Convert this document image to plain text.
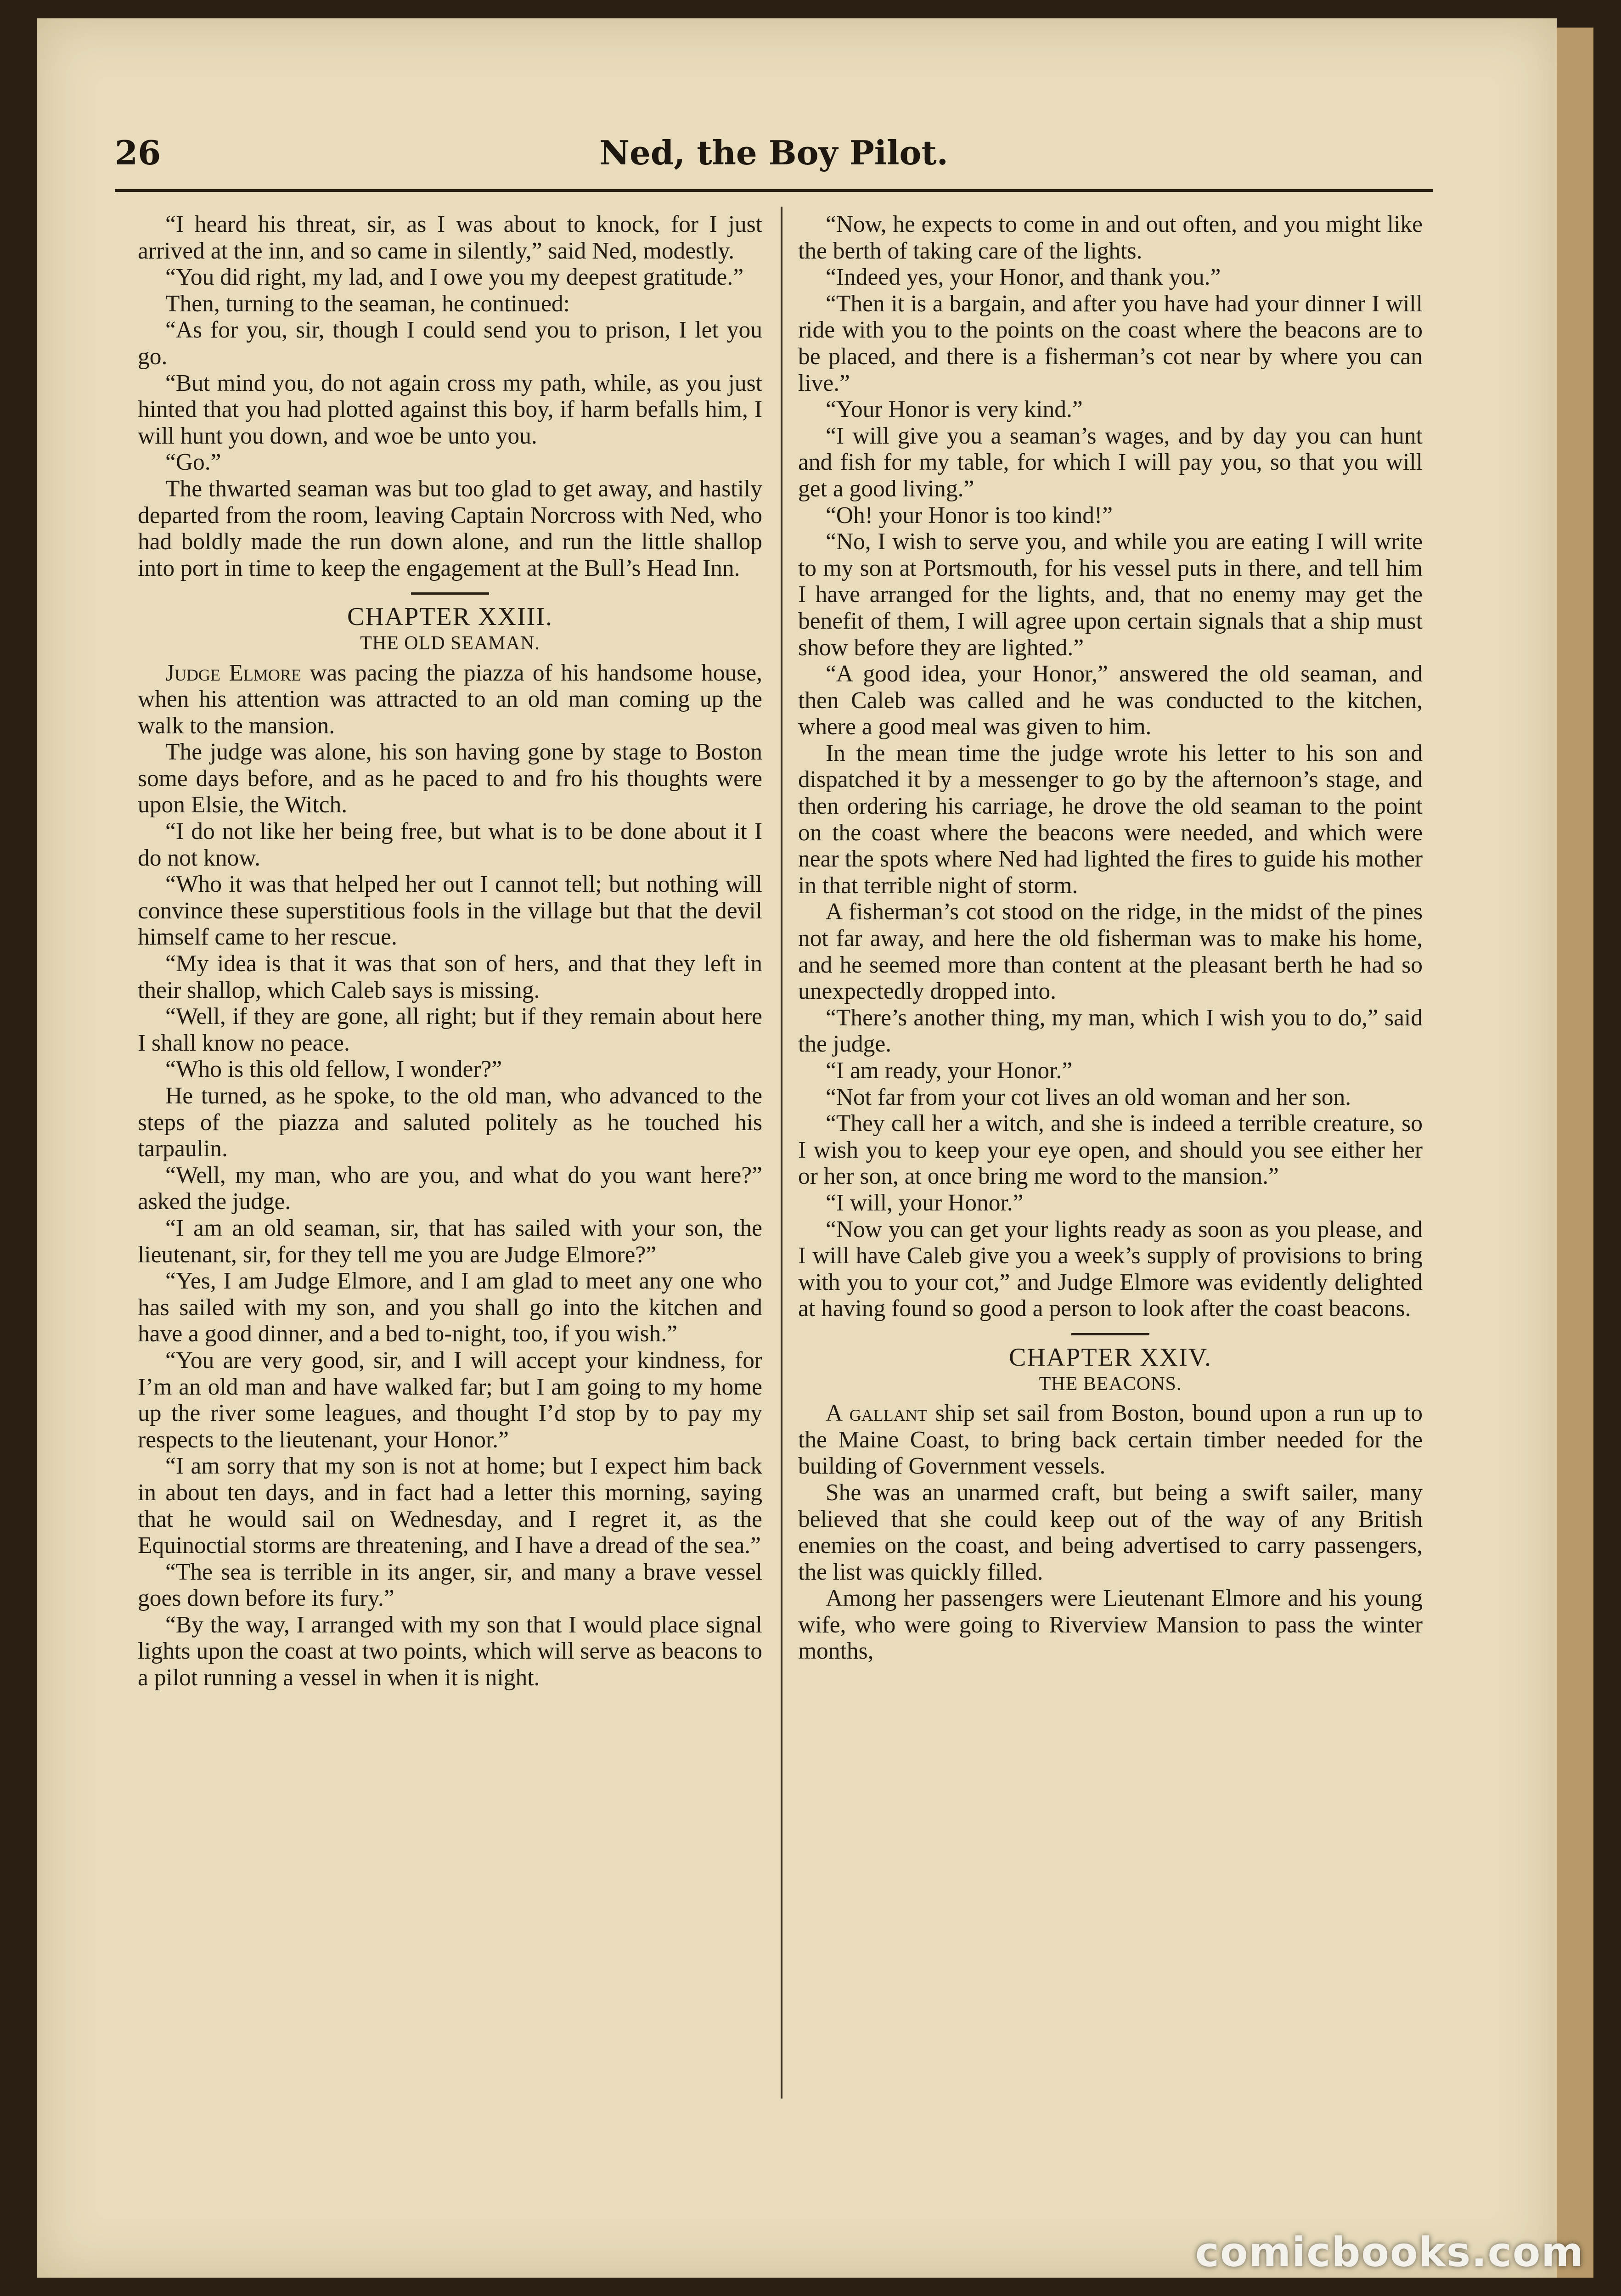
26	Ned, the Boy Pilot.

“I heard his threat, sir, as I was about to knock, for I just arrived at the inn, and so came in silently,” said Ned, modestly.

“You did right, my lad, and I owe you my deepest gratitude.”

Then, turning to the seaman, he continued:

“As for you, sir, though I could send you to prison, I let you go.

“But mind you, do not again cross my path, while, as you just hinted that you had plotted against this boy, if harm befalls him, I will hunt you down, and woe be unto you.

“Go.”

The thwarted seaman was but too glad to get away, and hastily departed from the room, leaving Captain Norcross with Ned, who had boldly made the run down alone, and run the little shallop into port in time to keep the engagement at the Bull’s Head Inn.

CHAPTER XXIII.
THE OLD SEAMAN.

Judge Elmore was pacing the piazza of his handsome house, when his attention was attracted to an old man coming up the walk to the mansion.

The judge was alone, his son having gone by stage to Boston some days before, and as he paced to and fro his thoughts were upon Elsie, the Witch.

“I do not like her being free, but what is to be done about it I do not know.

“Who it was that helped her out I cannot tell; but nothing will convince these superstitious fools in the village but that the devil himself came to her rescue.

“My idea is that it was that son of hers, and that they left in their shallop, which Caleb says is missing.

“Well, if they are gone, all right; but if they remain about here I shall know no peace.

“Who is this old fellow, I wonder?”

He turned, as he spoke, to the old man, who advanced to the steps of the piazza and saluted politely as he touched his tarpaulin.

“Well, my man, who are you, and what do you want here?” asked the judge.

“I am an old seaman, sir, that has sailed with your son, the lieutenant, sir, for they tell me you are Judge Elmore?”

“Yes, I am Judge Elmore, and I am glad to meet any one who has sailed with my son, and you shall go into the kitchen and have a good dinner, and a bed to-night, too, if you wish.”

“You are very good, sir, and I will accept your kindness, for I’m an old man and have walked far; but I am going to my home up the river some leagues, and thought I’d stop by to pay my respects to the lieutenant, your Honor.”

“I am sorry that my son is not at home; but I expect him back in about ten days, and in fact had a letter this morning, saying that he would sail on Wednesday, and I regret it, as the Equinoctial storms are threatening, and I have a dread of the sea.”

“The sea is terrible in its anger, sir, and many a brave vessel goes down before its fury.”

“By the way, I arranged with my son that I would place signal lights upon the coast at two points, which will serve as beacons to a pilot running a vessel in when it is night.

“Now, he expects to come in and out often, and you might like the berth of taking care of the lights.

“Indeed yes, your Honor, and thank you.”

“Then it is a bargain, and after you have had your dinner I will ride with you to the points on the coast where the beacons are to be placed, and there is a fisherman’s cot near by where you can live.”

“Your Honor is very kind.”

“I will give you a seaman’s wages, and by day you can hunt and fish for my table, for which I will pay you, so that you will get a good living.”

“Oh! your Honor is too kind!”

“No, I wish to serve you, and while you are eating I will write to my son at Portsmouth, for his vessel puts in there, and tell him I have arranged for the lights, and, that no enemy may get the benefit of them, I will agree upon certain signals that a ship must show before they are lighted.”

“A good idea, your Honor,” answered the old seaman, and then Caleb was called and he was conducted to the kitchen, where a good meal was given to him.

In the mean time the judge wrote his letter to his son and dispatched it by a messenger to go by the afternoon’s stage, and then ordering his carriage, he drove the old seaman to the point on the coast where the beacons were needed, and which were near the spots where Ned had lighted the fires to guide his mother in that terrible night of storm.

A fisherman’s cot stood on the ridge, in the midst of the pines not far away, and here the old fisherman was to make his home, and he seemed more than content at the pleasant berth he had so unexpectedly dropped into.

“There’s another thing, my man, which I wish you to do,” said the judge.

“I am ready, your Honor.”

“Not far from your cot lives an old woman and her son.

“They call her a witch, and she is indeed a terrible creature, so I wish you to keep your eye open, and should you see either her or her son, at once bring me word to the mansion.”

“I will, your Honor.”

“Now you can get your lights ready as soon as you please, and I will have Caleb give you a week’s supply of provisions to bring with you to your cot,” and Judge Elmore was evidently delighted at having found so good a person to look after the coast beacons.

CHAPTER XXIV.
THE BEACONS.

A gallant ship set sail from Boston, bound upon a run up to the Maine Coast, to bring back certain timber needed for the building of Government vessels.

She was an unarmed craft, but being a swift sailer, many believed that she could keep out of the way of any British enemies on the coast, and being advertised to carry passengers, the list was quickly filled.

Among her passengers were Lieutenant Elmore and his young wife, who were going to Riverview Mansion to pass the winter months,

comicbooks.com
